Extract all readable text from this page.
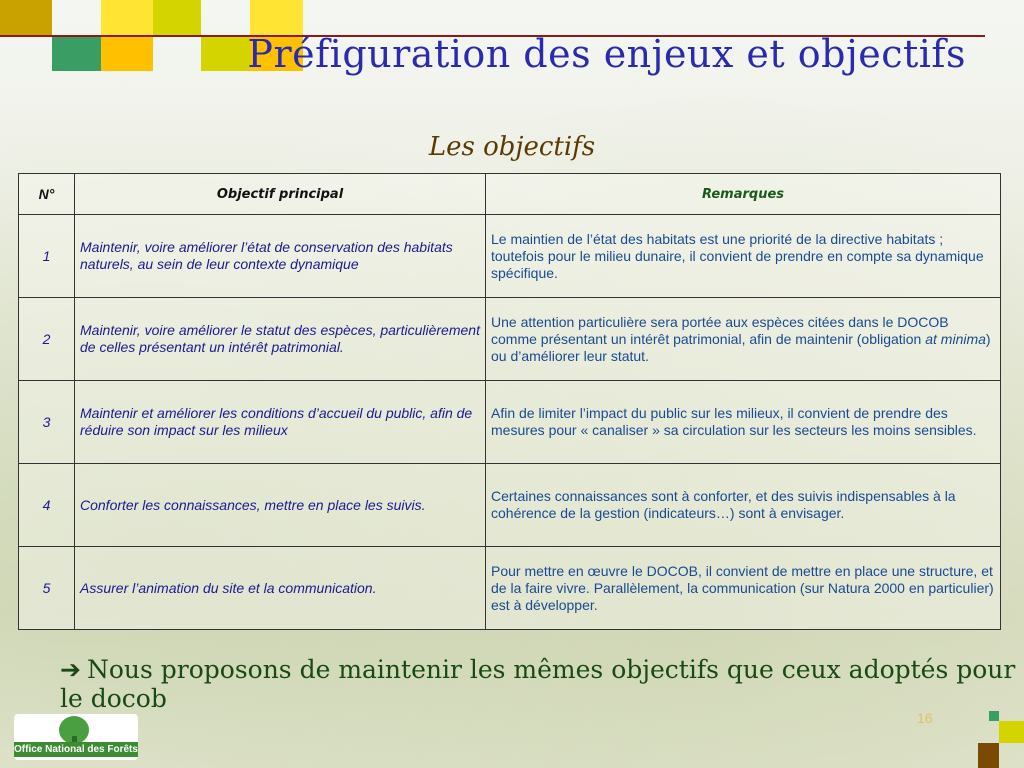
Préfiguration des enjeux et objectifs
Les objectifs
N°	Objectif principal	Remarques
1	Maintenir, voire améliorer l’état de conservation des habitats naturels, au sein de leur contexte dynamique	Le maintien de l’état des habitats est une priorité de la directive habitats ; toutefois pour le milieu dunaire, il convient de prendre en compte sa dynamique spécifique.
2	Maintenir, voire améliorer le statut des espèces, particulièrement de celles présentant un intérêt patrimonial.	Une attention particulière sera portée aux espèces citées dans le DOCOB comme présentant un intérêt patrimonial, afin de maintenir (obligation at minima) ou d’améliorer leur statut.
3	Maintenir et améliorer les conditions d’accueil du public, afin de réduire son impact sur les milieux	Afin de limiter l’impact du public sur les milieux, il convient de prendre des mesures pour « canaliser » sa circulation sur les secteurs les moins sensibles.
4	Conforter les connaissances, mettre en place les suivis.	Certaines connaissances sont à conforter, et des suivis indispensables à la cohérence de la gestion (indicateurs…) sont à envisager.
5	Assurer l’animation du site et la communication.	Pour mettre en œuvre le DOCOB, il convient de mettre en place une structure, et de la faire vivre. Parallèlement, la communication (sur Natura 2000 en particulier) est à développer.
➔ Nous proposons de maintenir les mêmes objectifs que ceux adoptés pour le docob
Office National des Forêts
16
